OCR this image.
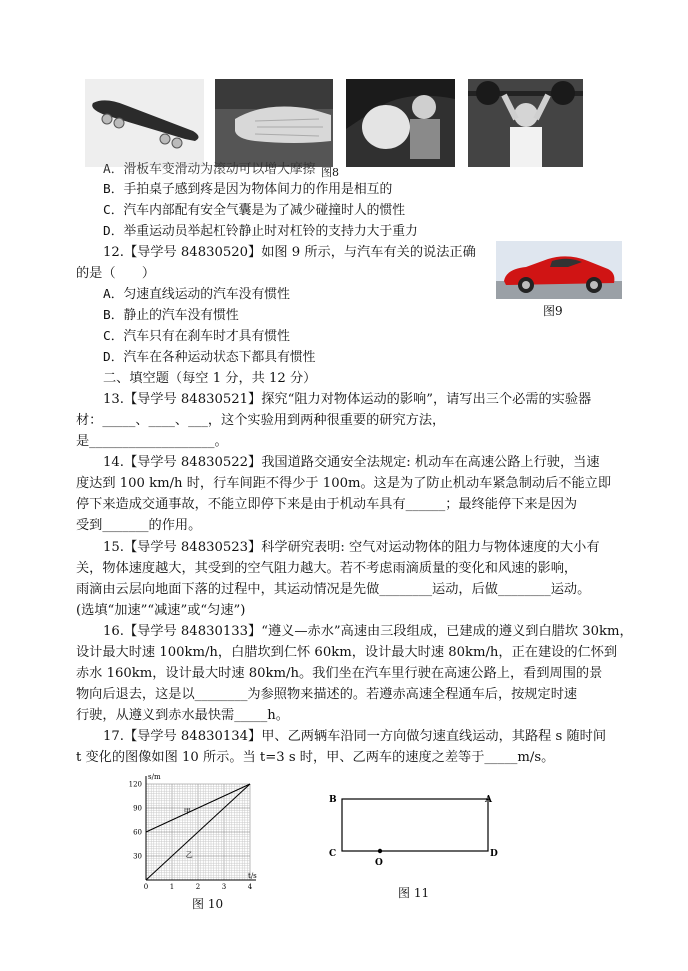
A．滑板车变滑动为滚动可以增大摩擦 图8
B．手拍桌子感到疼是因为物体间力的作用是相互的
C．汽车内部配有安全气囊是为了减少碰撞时人的惯性
D．举重运动员举起杠铃静止时对杠铃的支持力大于重力
12.【导学号 84830520】如图 9 所示，与汽车有关的说法正确
的是（　　）
A．匀速直线运动的汽车没有惯性
B．静止的汽车没有惯性
C．汽车只有在刹车时才具有惯性
D．汽车在各种运动状态下都具有惯性
图9
二、填空题（每空 1 分，共 12 分）
13.【导学号 84830521】探究“阻力对物体运动的影响”，请写出三个必需的实验器
材：_____、____、___，这个实验用到两种很重要的研究方法，
是___________________。
14.【导学号 84830522】我国道路交通安全法规定: 机动车在高速公路上行驶，当速
度达到 100 km/h 时，行车间距不得少于 100m。这是为了防止机动车紧急制动后不能立即
停下来造成交通事故，不能立即停下来是由于机动车具有______；最终能停下来是因为
受到_______的作用。
15.【导学号 84830523】科学研究表明: 空气对运动物体的阻力与物体速度的大小有
关，物体速度越大，其受到的空气阻力越大。若不考虑雨滴质量的变化和风速的影响，
雨滴由云层向地面下落的过程中，其运动情况是先做________运动，后做________运动。
(选填“加速”“减速”或“匀速”)
16.【导学号 84830133】“遵义—赤水”高速由三段组成，已建成的遵义到白腊坎 30km，
设计最大时速 100km/h，白腊坎到仁怀 60km，设计最大时速 80km/h，正在建设的仁怀到
赤水 160km，设计最大时速 80km/h。我们坐在汽车里行驶在高速公路上，看到周围的景
物向后退去，这是以________为参照物来描述的。若遵赤高速全程通车后，按规定时速
行驶，从遵义到赤水最快需_____h。
17.【导学号 84830134】甲、乙两辆车沿同一方向做匀速直线运动，其路程 s 随时间
t 变化的图像如图 10 所示。当 t=3 s 时，甲、乙两车的速度之差等于_____m/s。
s/m
t/s
30
60
90
120
0	1	2	3	4
甲
乙
图 10
B	A
C	D
O
图 11
